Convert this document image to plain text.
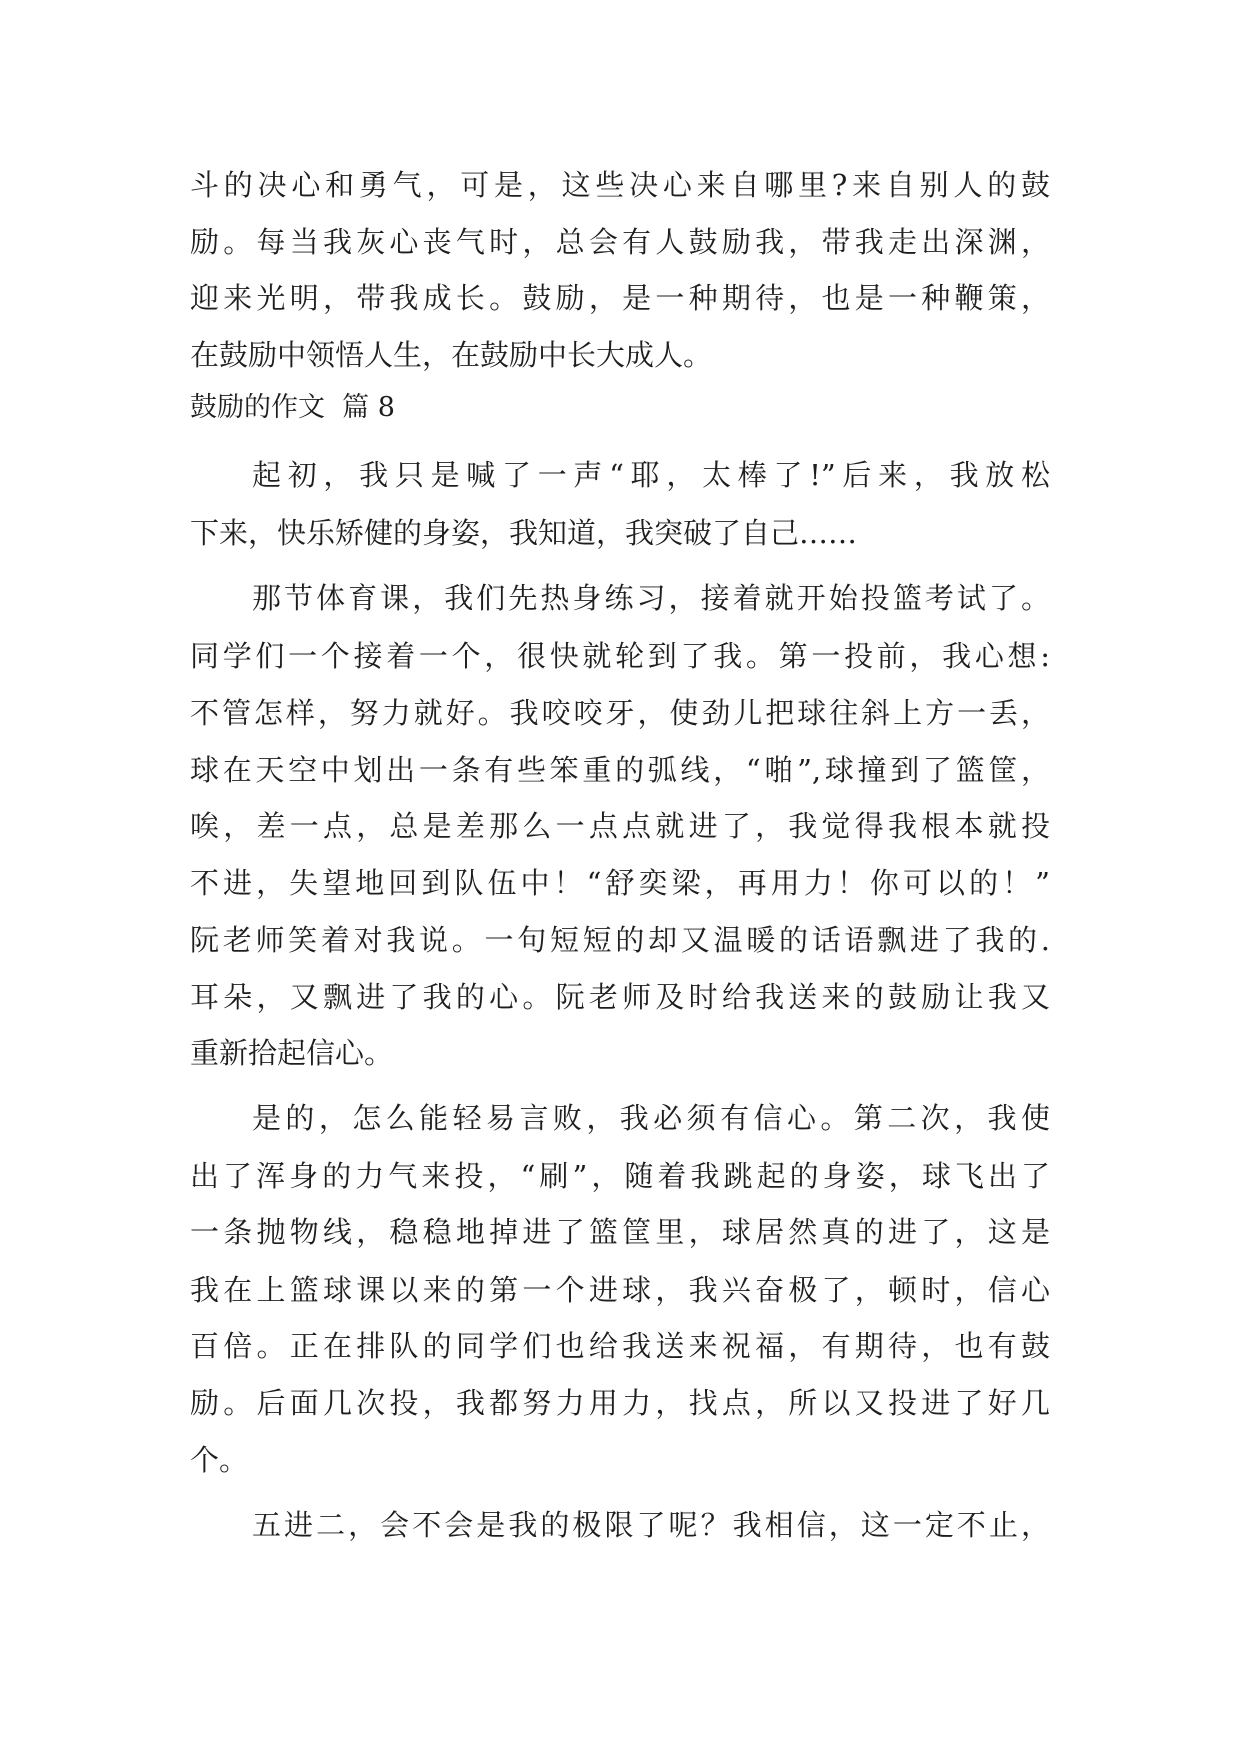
斗的决心和勇气，可是，这些决心来自哪里?来自别人的鼓
励。每当我灰心丧气时，总会有人鼓励我，带我走出深渊，
迎来光明，带我成长。鼓励，是一种期待，也是一种鞭策，
在鼓励中领悟人生，在鼓励中长大成人。
鼓励的作文  篇 8
起初，我只是喊了一声“耶，太棒了!”后来，我放松
下来，快乐矫健的身姿，我知道，我突破了自己……
那节体育课，我们先热身练习，接着就开始投篮考试了。
同学们一个接着一个，很快就轮到了我。第一投前，我心想:
不管怎样，努力就好。我咬咬牙，使劲儿把球往斜上方一丢，
球在天空中划出一条有些笨重的弧线，“啪”,球撞到了篮筐，
唉，差一点，总是差那么一点点就进了，我觉得我根本就投
不进，失望地回到队伍中！“舒奕梁，再用力！你可以的！”
阮老师笑着对我说。一句短短的却又温暖的话语飘进了我的.
耳朵，又飘进了我的心。阮老师及时给我送来的鼓励让我又
重新拾起信心。
是的，怎么能轻易言败，我必须有信心。第二次，我使
出了浑身的力气来投，“刷”，随着我跳起的身姿，球飞出了
一条抛物线，稳稳地掉进了篮筐里，球居然真的进了，这是
我在上篮球课以来的第一个进球，我兴奋极了，顿时，信心
百倍。正在排队的同学们也给我送来祝福，有期待，也有鼓
励。后面几次投，我都努力用力，找点，所以又投进了好几
个。
五进二，会不会是我的极限了呢？我相信，这一定不止，
